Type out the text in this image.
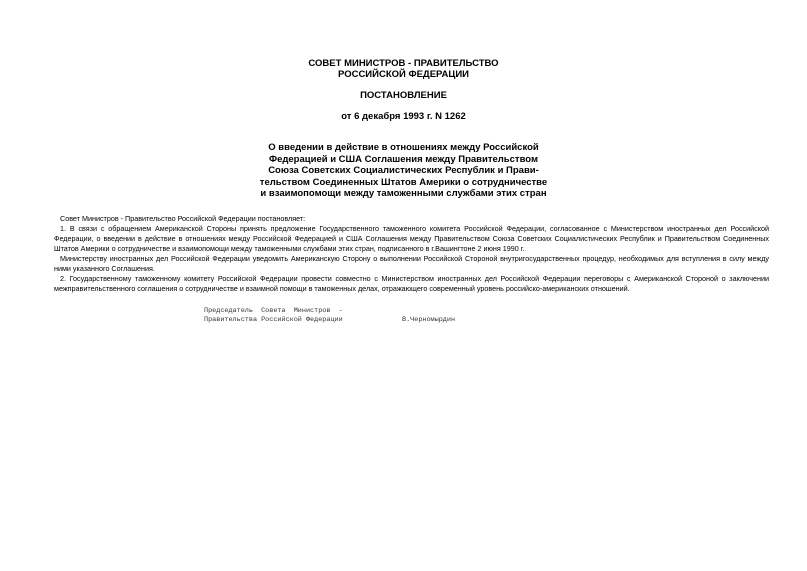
СОВЕТ МИНИСТРОВ - ПРАВИТЕЛЬСТВО
РОССИЙСКОЙ ФЕДЕРАЦИИ
ПОСТАНОВЛЕНИЕ
от 6 декабря 1993 г. N 1262
О введении в действие в отношениях между Российской
Федерацией и США Соглашения между Правительством
Союза Советских Социалистических Республик и Прави-
тельством Соединенных Штатов Америки о сотрудничестве
и взаимопомощи между таможенными службами этих стран

Совет Министров - Правительство Российской Федерации постановляет:

1. В связи с обращением Американской Стороны принять предложение Государственного таможенного комитета Российской Федерации, согласованное с Министерством иностранных дел Российской Федерации, о введении в действие в отношениях между Российской Федерацией и США Соглашения между Правительством Союза Советских Социалистических Республик и Правительством Соединенных Штатов Америки о сотрудничестве и взаимопомощи между таможенными службами этих стран, подписанного в г.Вашингтоне 2 июня 1990 г.

Министерству иностранных дел Российской Федерации уведомить Американскую Сторону о выполнении Российской Стороной внутригосударственных процедур, необходимых для вступления в силу между ними указанного Соглашения.

2. Государственному таможенному комитету Российской Федерации провести совместно с Министерством иностранных дел Российской Федерации переговоры с Американской Стороной о заключении межправительственного соглашения о сотрудничестве и взаимной помощи в таможенных делах, отражающего современный уровень российско-американских отношений.

Председатель  Совета  Министров  -
Правительства Российской Федерации	В.Черномырдин
